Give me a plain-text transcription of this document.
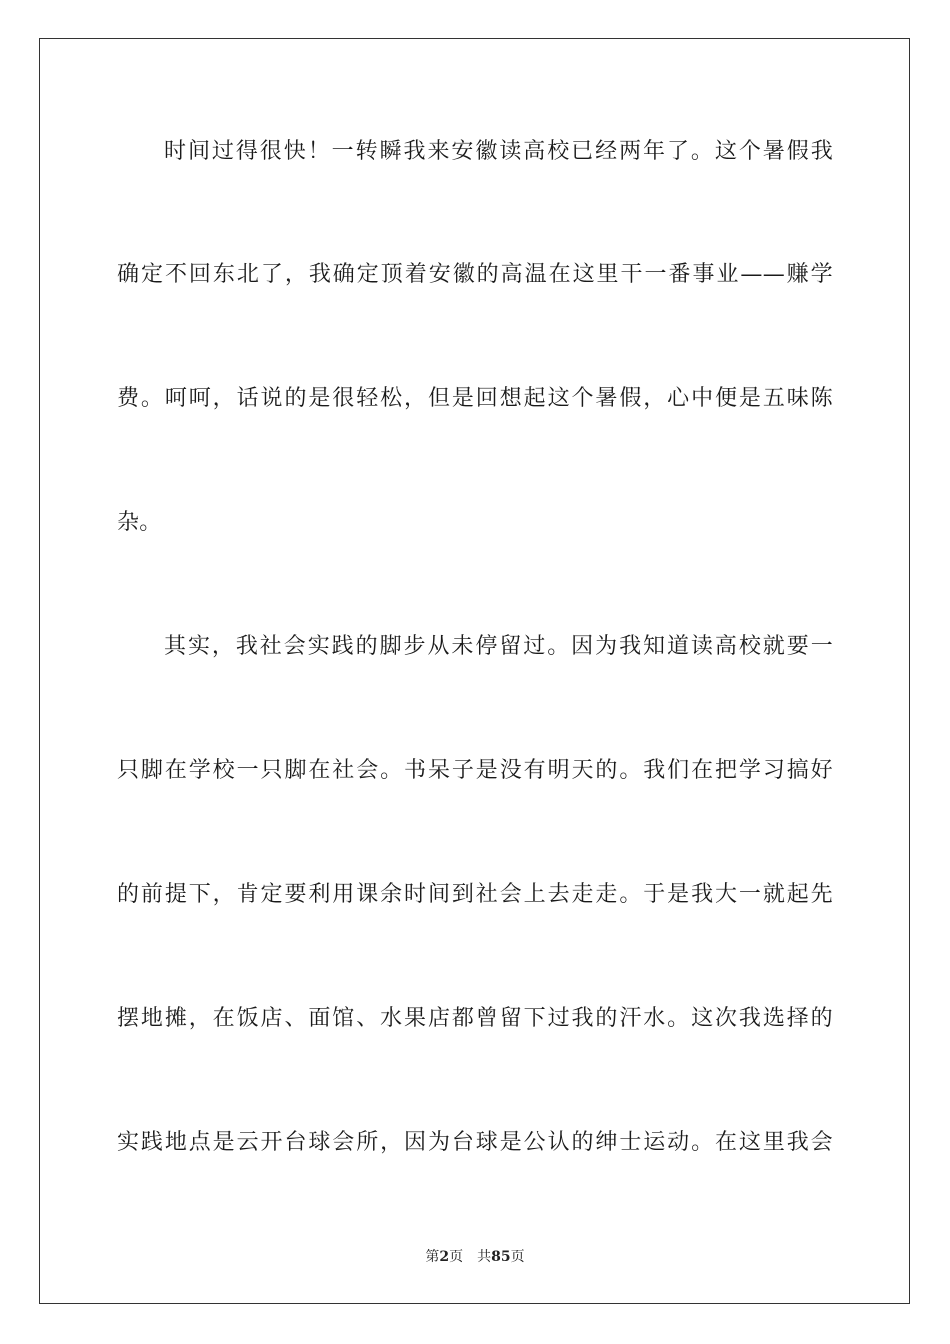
时间过得很快！一转瞬我来安徽读高校已经两年了。这个暑假我
确定不回东北了，我确定顶着安徽的高温在这里干一番事业——赚学
费。呵呵，话说的是很轻松，但是回想起这个暑假，心中便是五味陈
杂。
其实，我社会实践的脚步从未停留过。因为我知道读高校就要一
只脚在学校一只脚在社会。书呆子是没有明天的。我们在把学习搞好
的前提下，肯定要利用课余时间到社会上去走走。于是我大一就起先
摆地摊，在饭店、面馆、水果店都曾留下过我的汗水。这次我选择的
实践地点是云开台球会所，因为台球是公认的绅士运动。在这里我会
第2页 共85页
